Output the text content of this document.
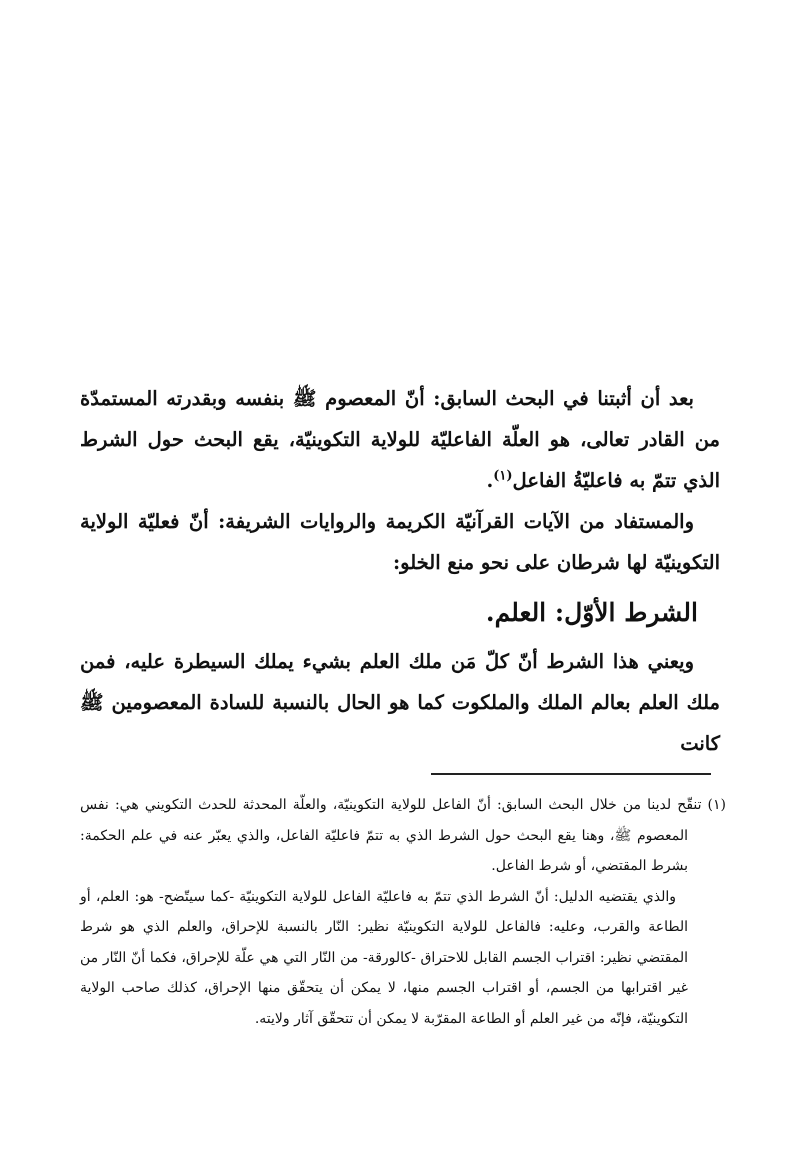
بعد أن أثبتنا في البحث السابق: أنّ المعصوم ﷺ بنفسه وبقدرته المستمدّة من القادر تعالى، هو العلّة الفاعليّة للولاية التكوينيّة، يقع البحث حول الشرط الذي تتمّ به فاعليّةُ الفاعل$^{(١)}$.

والمستفاد من الآيات القرآنيّة الكريمة والروايات الشريفة: أنّ فعليّة الولاية التكوينيّة لها شرطان على نحو منع الخلو:

الشرط الأوّل: العلم.

ويعني هذا الشرط أنّ كلّ مَن ملك العلم بشيء يملك السيطرة عليه، فمن ملك العلم بعالم الملك والملكوت كما هو الحال بالنسبة للسادة المعصومين ﷺ كانت

(١)تنقّح لدينا من خلال البحث السابق: أنّ الفاعل للولاية التكوينيّة، والعلّة المحدثة للحدث التكويني هي: نفس المعصوم ﷺ، وهنا يقع البحث حول الشرط الذي به تتمّ فاعليّة الفاعل، والذي يعبّر عنه في علم الحكمة: بشرط المقتضي، أو شرط الفاعل.

والذي يقتضيه الدليل: أنّ الشرط الذي تتمّ به فاعليّة الفاعل للولاية التكوينيّة -كما سيتّضح- هو: العلم، أو الطاعة والقرب، وعليه: فالفاعل للولاية التكوينيّة نظير: النّار بالنسبة للإحراق، والعلم الذي هو شرط المقتضي نظير: اقتراب الجسم القابل للاحتراق -كالورقة- من النّار التي هي علّة للإحراق، فكما أنّ النّار من غير اقترابها من الجسم، أو اقتراب الجسم منها، لا يمكن أن يتحقّق منها الإحراق، كذلك صاحب الولاية التكوينيّة، فإنّه من غير العلم أو الطاعة المقرّبة لا يمكن أن تتحقّق آثار ولايته.
